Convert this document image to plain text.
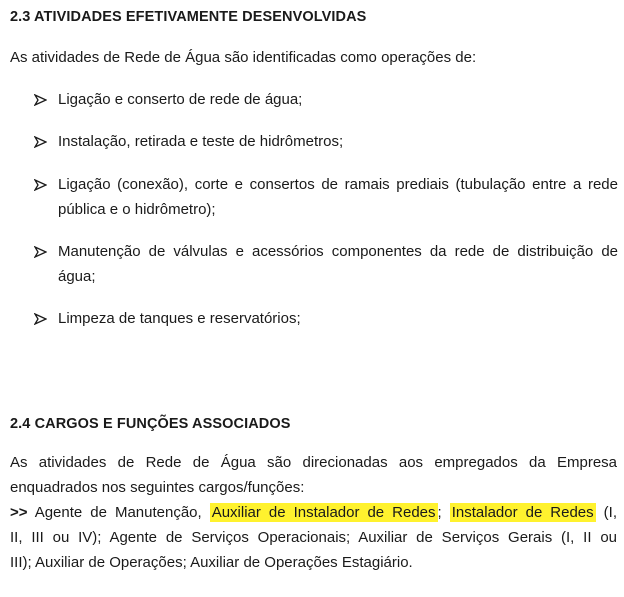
2.3 ATIVIDADES EFETIVAMENTE DESENVOLVIDAS
As atividades de Rede de Água são identificadas como operações de:
Ligação e conserto de rede de água;
Instalação, retirada e teste de hidrômetros;
Ligação (conexão), corte e consertos de ramais prediais (tubulação entre a rede pública e o hidrômetro);
Manutenção de válvulas e acessórios componentes da rede de distribuição de água;
Limpeza de tanques e reservatórios;
2.4 CARGOS E FUNÇÕES ASSOCIADOS
As atividades de Rede de Água são direcionadas aos empregados da Empresa
enquadrados nos seguintes cargos/funções:
>> Agente de Manutenção, Auxiliar de Instalador de Redes ; Instalador de Redes (I,
II, III ou IV); Agente de Serviços Operacionais; Auxiliar de Serviços Gerais (I, II ou
III); Auxiliar de Operações; Auxiliar de Operações Estagiário.
